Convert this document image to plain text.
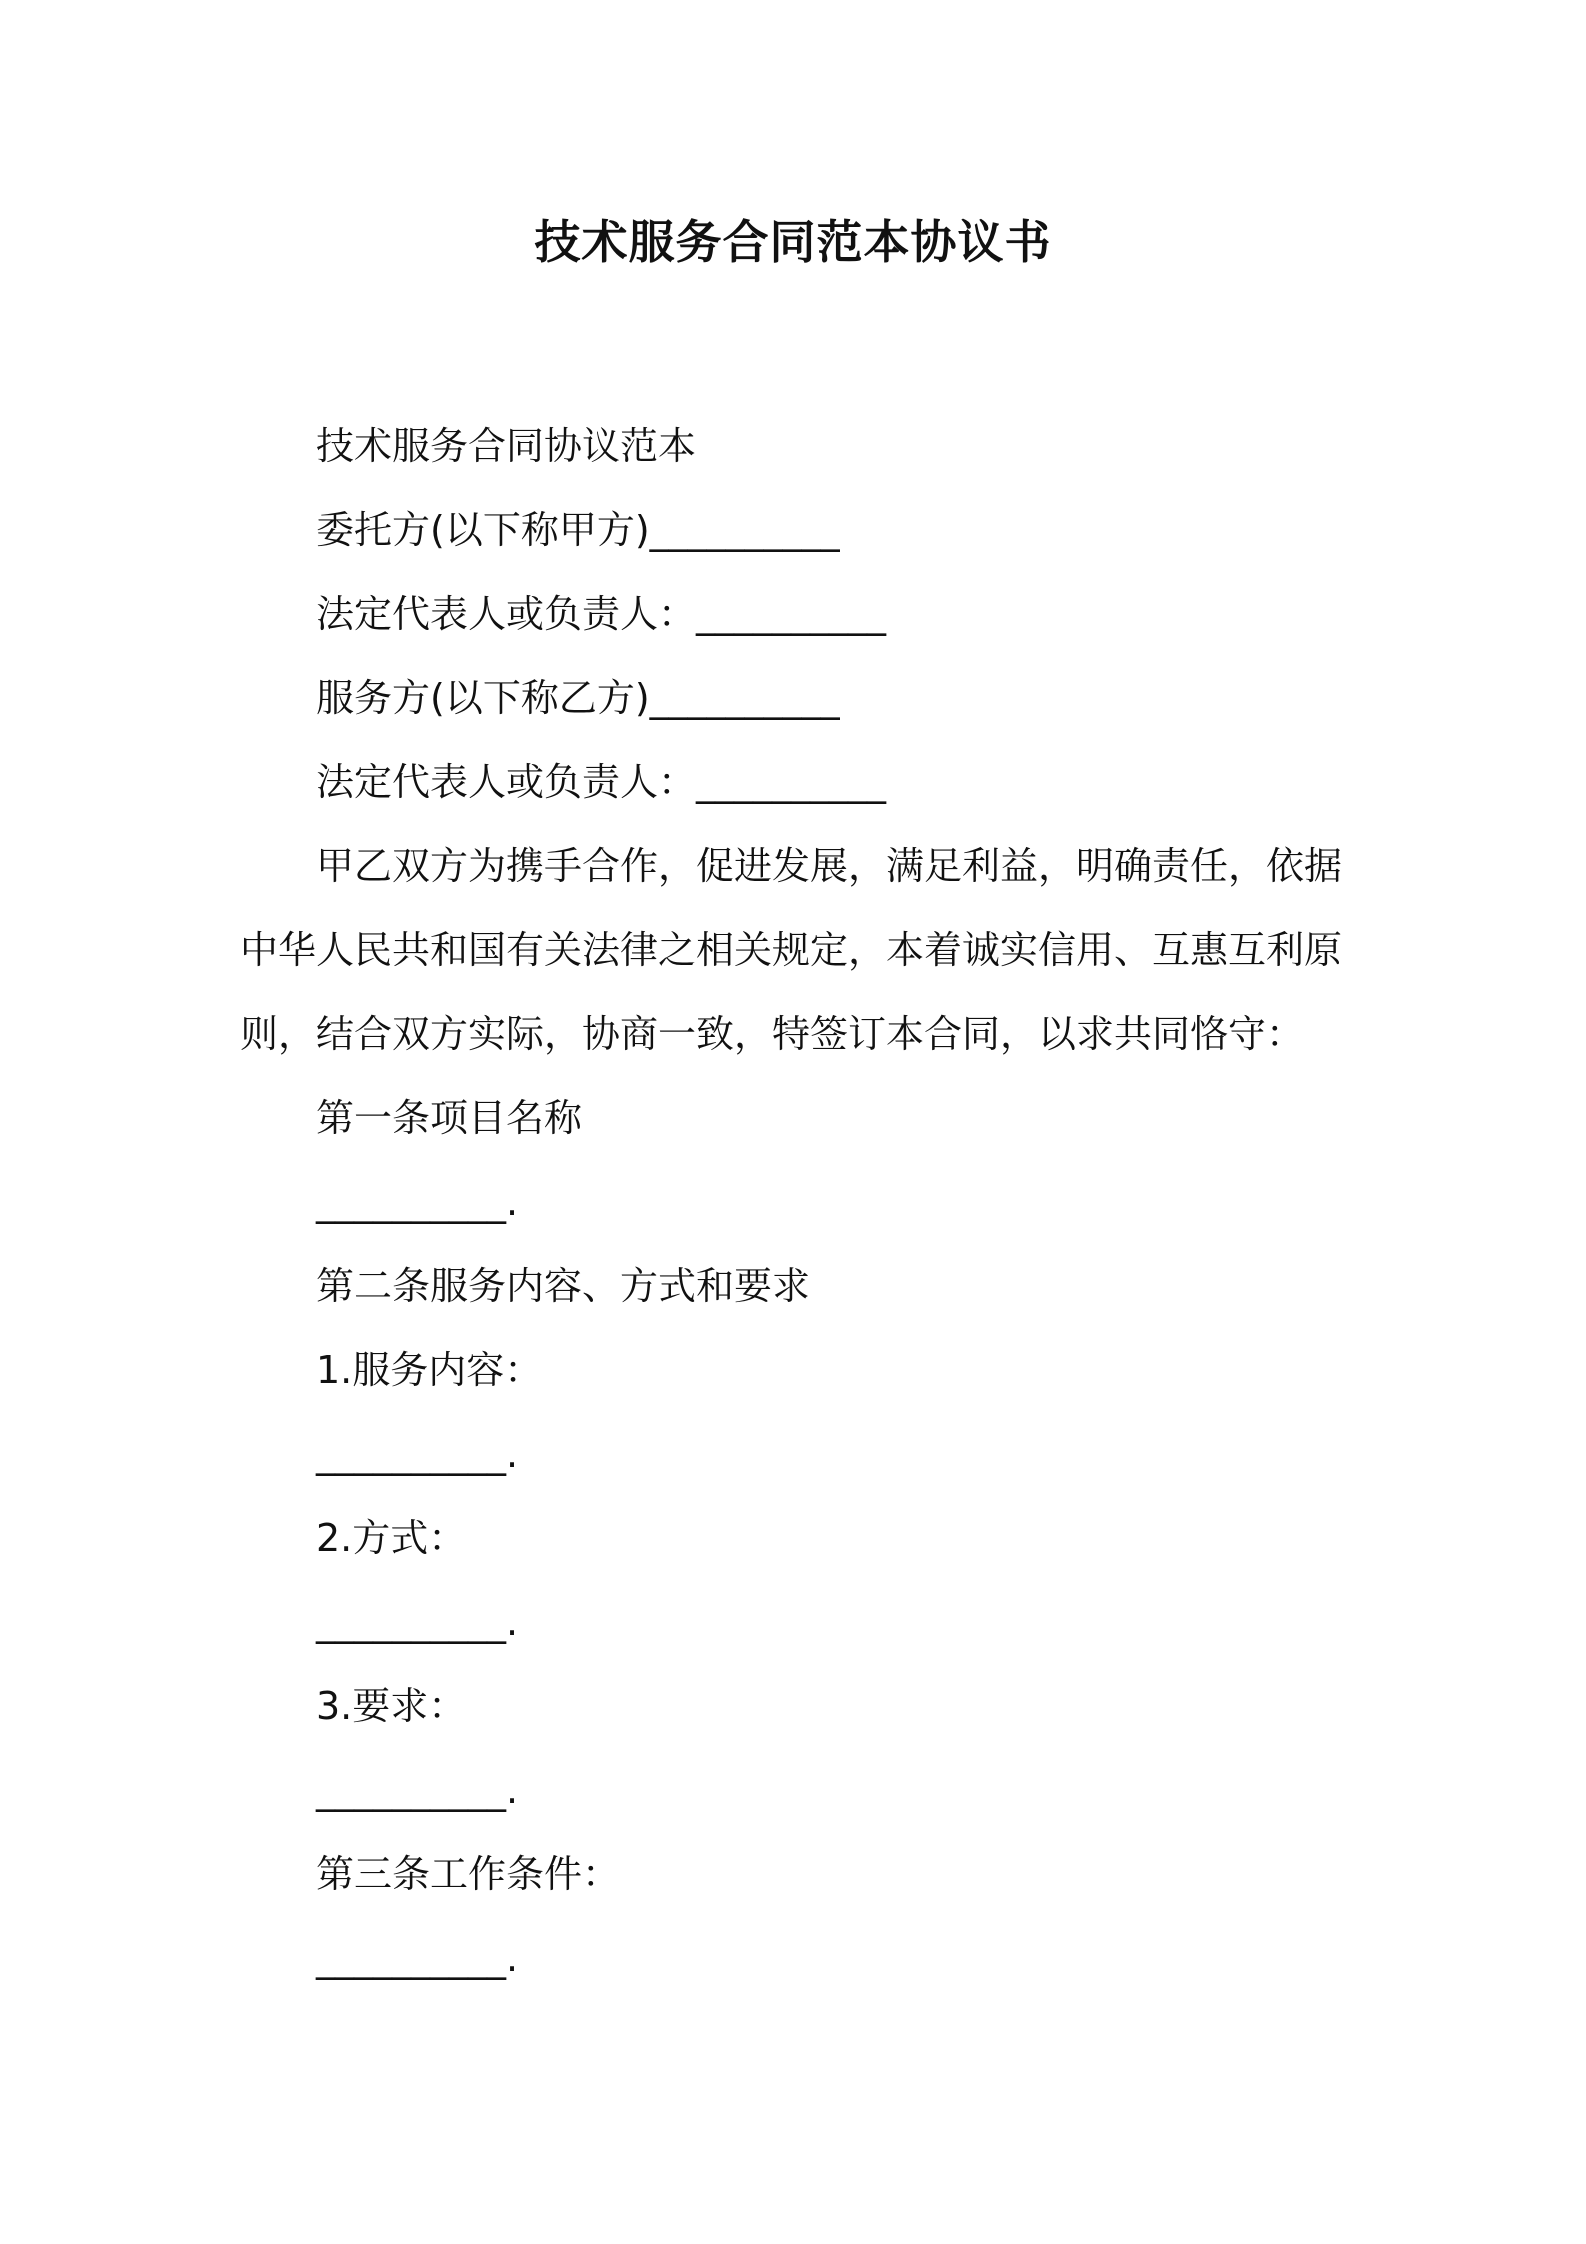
技术服务合同范本协议书

技术服务合同协议范本

委托方(以下称甲方)__________

法定代表人或负责人：__________

服务方(以下称乙方)__________

法定代表人或负责人：__________

甲乙双方为携手合作，促进发展，满足利益，明确责任，依据中华人民共和国有关法律之相关规定，本着诚实信用、互惠互利原则，结合双方实际，协商一致，特签订本合同，以求共同恪守：

第一条项目名称

__________.

第二条服务内容、方式和要求

1.服务内容：

__________.

2.方式：

__________.

3.要求：

__________.

第三条工作条件：

__________.
